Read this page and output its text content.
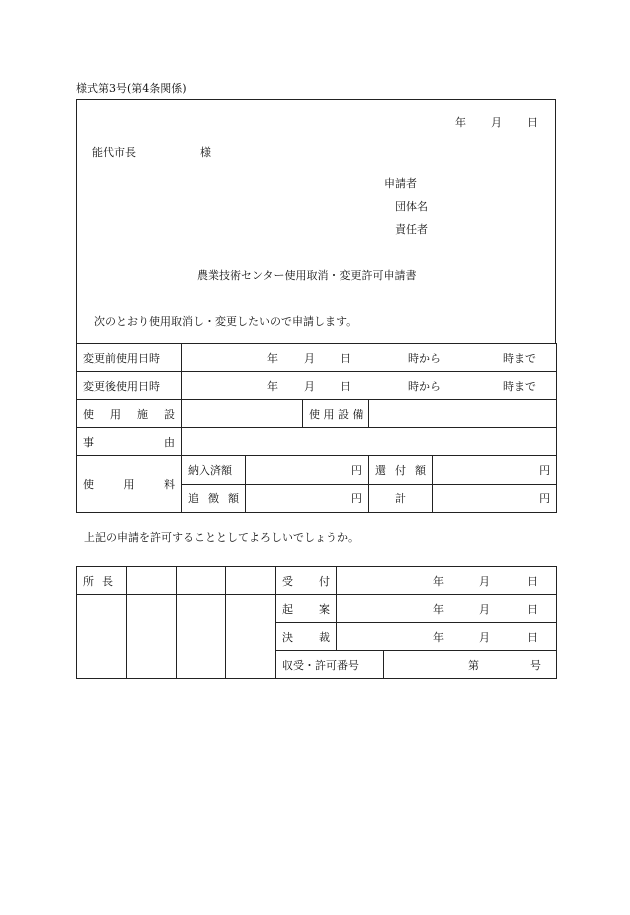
様式第3号(第4条関係)
年 月 日
能代市長	様
申請者
団体名
責任者
農業技術センター使用取消・変更許可申請書
次のとおり使用取消し・変更したいので申請します。
変更前使用日時	年 月 日 時から 時まで				

変更後使用日時	年 月 日 時から 時まで				

使 用 施 設			使 用 設 備		

事 由					

使 用 料	納入済額	円		還 付 額	円

	追 徴 額	円		計	円
上記の申請を許可することとしてよろしいでしょうか。
所 長				受 付	年 月 日	

				起 案	年 月 日	

				決 裁	年 月 日	

				収受・許可番号		第 号
